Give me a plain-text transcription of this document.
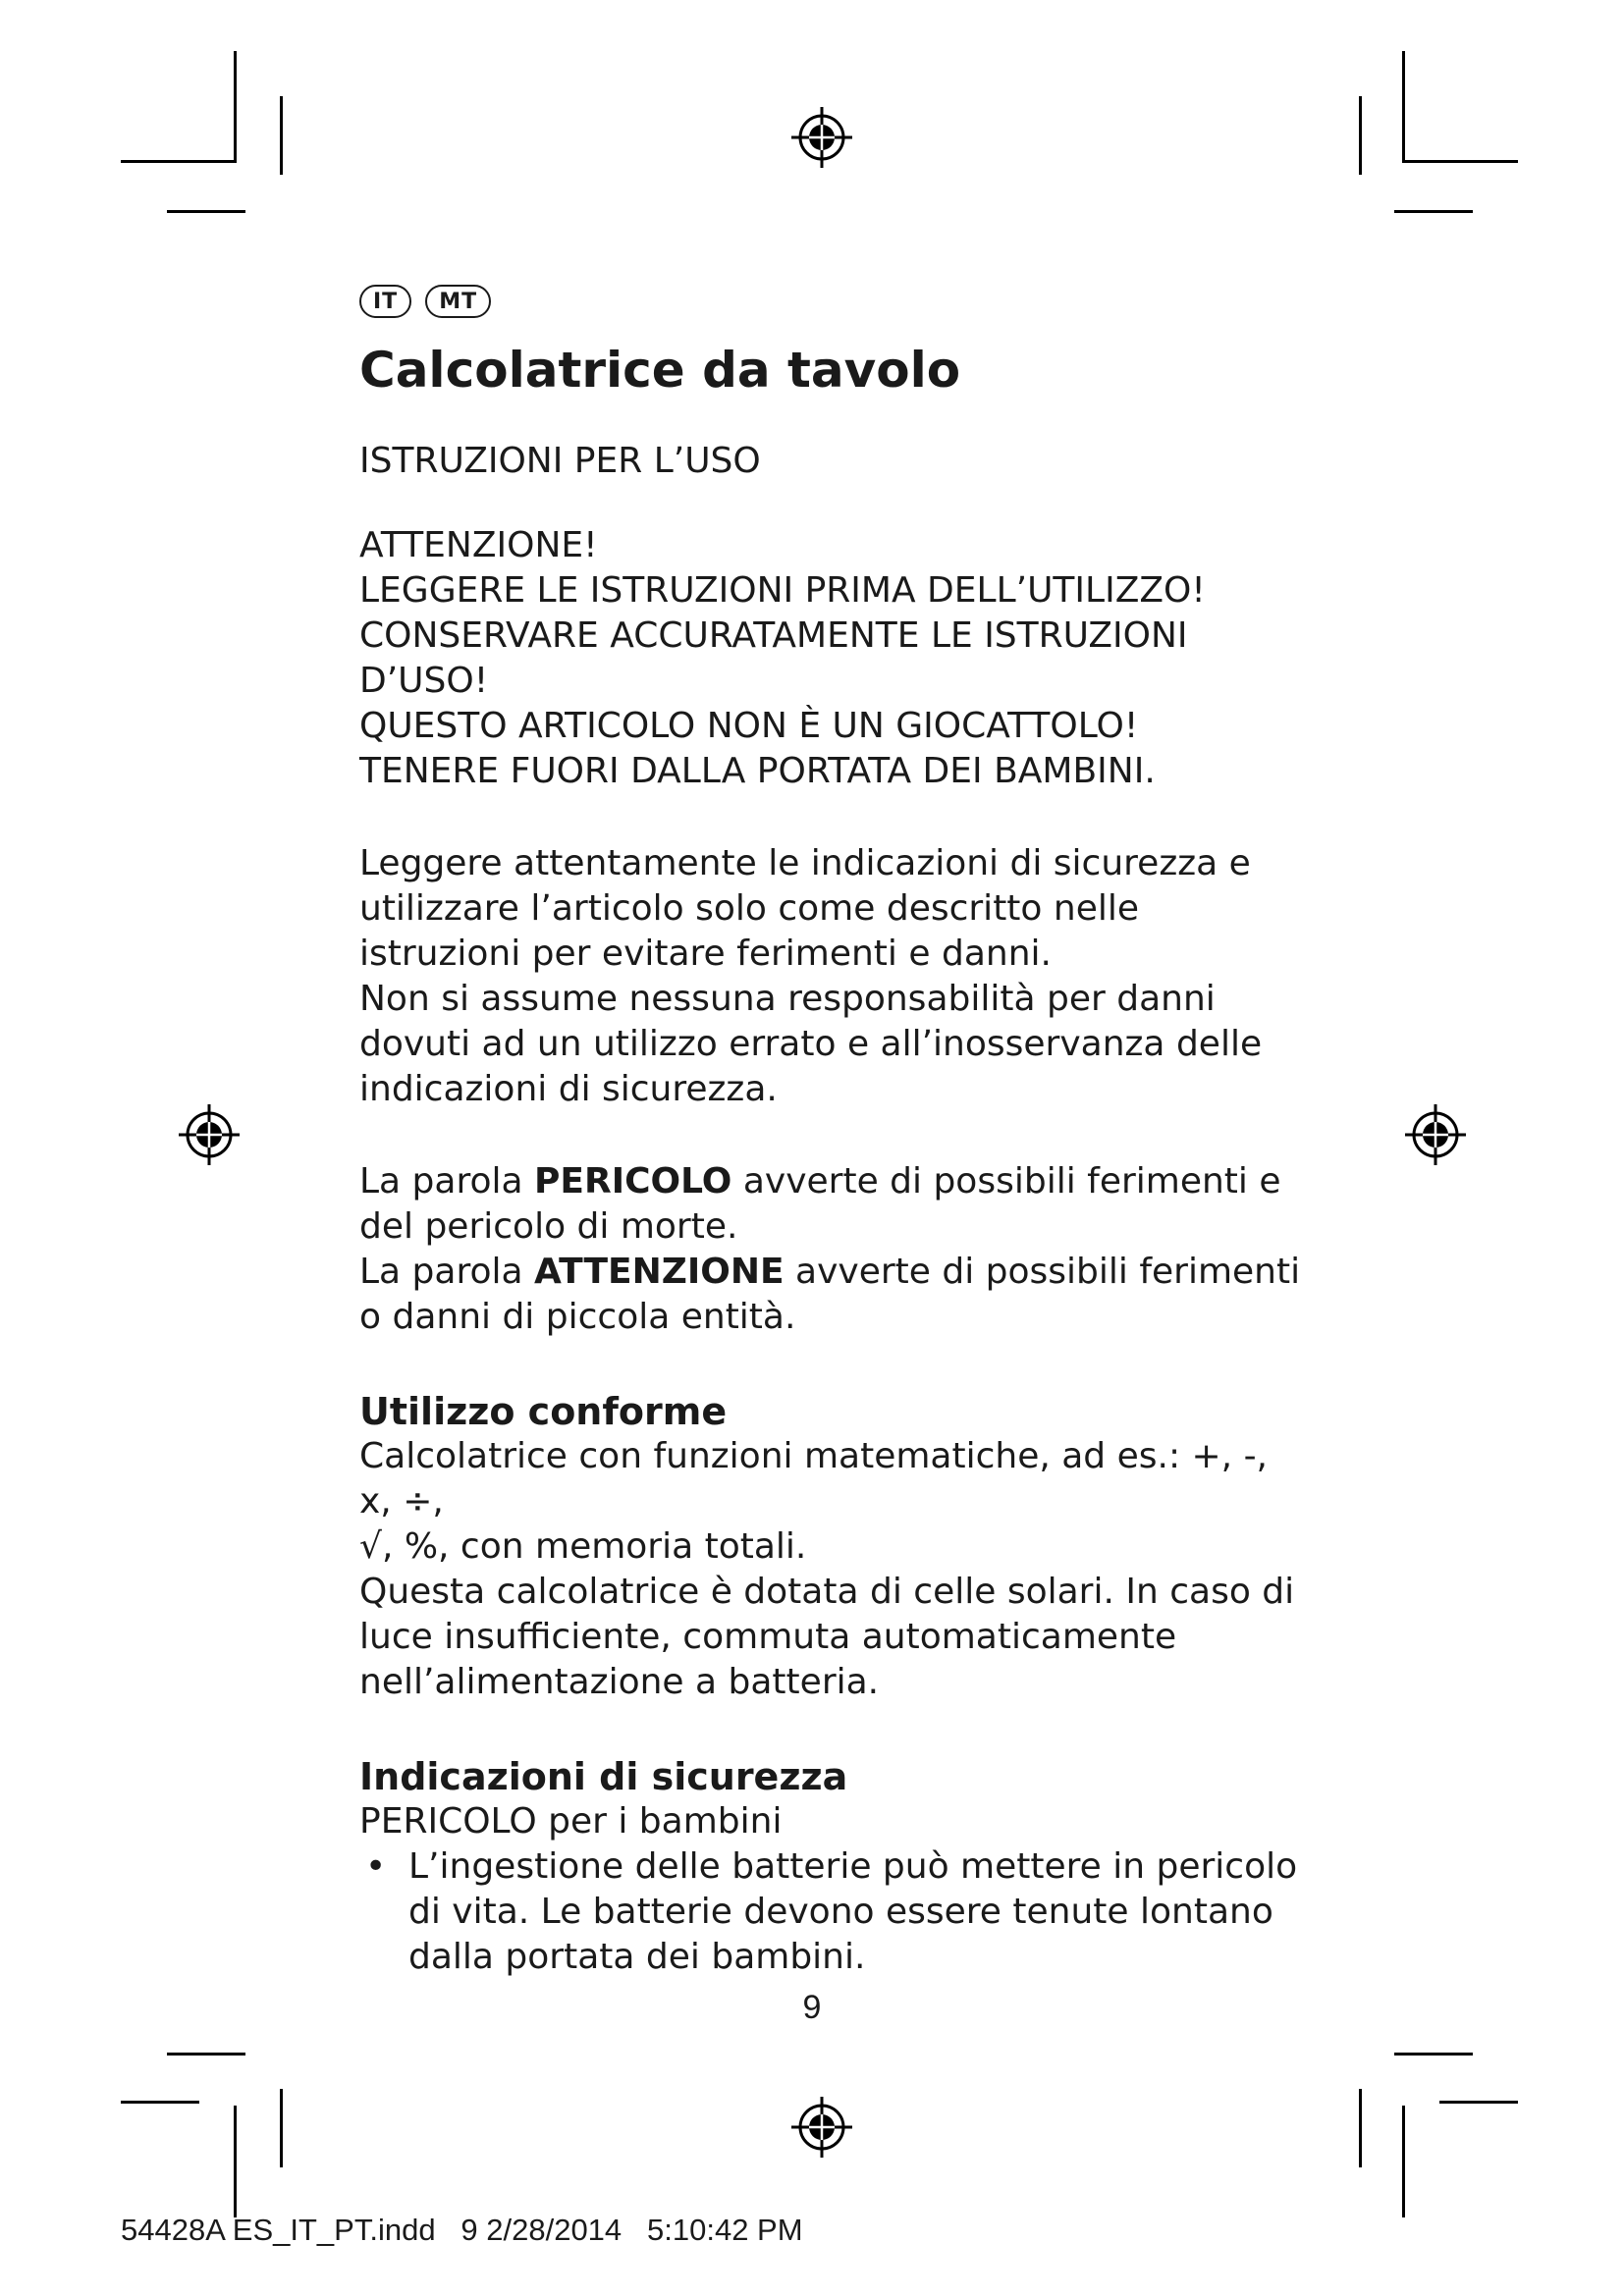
IT	MT
Calcolatrice da tavolo
ISTRUZIONI PER L’USO
ATTENZIONE!
LEGGERE LE ISTRUZIONI PRIMA DELL’UTILIZZO!
CONSERVARE ACCURATAMENTE LE ISTRUZIONI
D’USO!
QUESTO ARTICOLO NON È UN GIOCATTOLO!
TENERE FUORI DALLA PORTATA DEI BAMBINI.

Leggere attentamente le indicazioni di sicurezza e utilizzare l’articolo solo come descritto nelle istruzioni per evitare ferimenti e danni.

Non si assume nessuna responsabilità per danni dovuti ad un utilizzo errato e all’inosservanza delle indicazioni di sicurezza.

La parola PERICOLO avverte di possibili ferimenti e del pericolo di morte.

La parola ATTENZIONE avverte di possibili ferimenti o danni di piccola entità.

Utilizzo conforme

Calcolatrice con funzioni matematiche, ad es.: +, -, x, ÷,

√, %, con memoria totali.

Questa calcolatrice è dotata di celle solari. In caso di luce insufficiente, commuta automaticamente nell’alimentazione a batteria.

Indicazioni di sicurezza

PERICOLO per i bambini

• L’ingestione delle batterie può mettere in pericolo di vita. Le batterie devono essere tenute lontano dalla portata dei bambini.
9
54428A ES_IT_PT.indd   9 2/28/2014   5:10:42 PM
